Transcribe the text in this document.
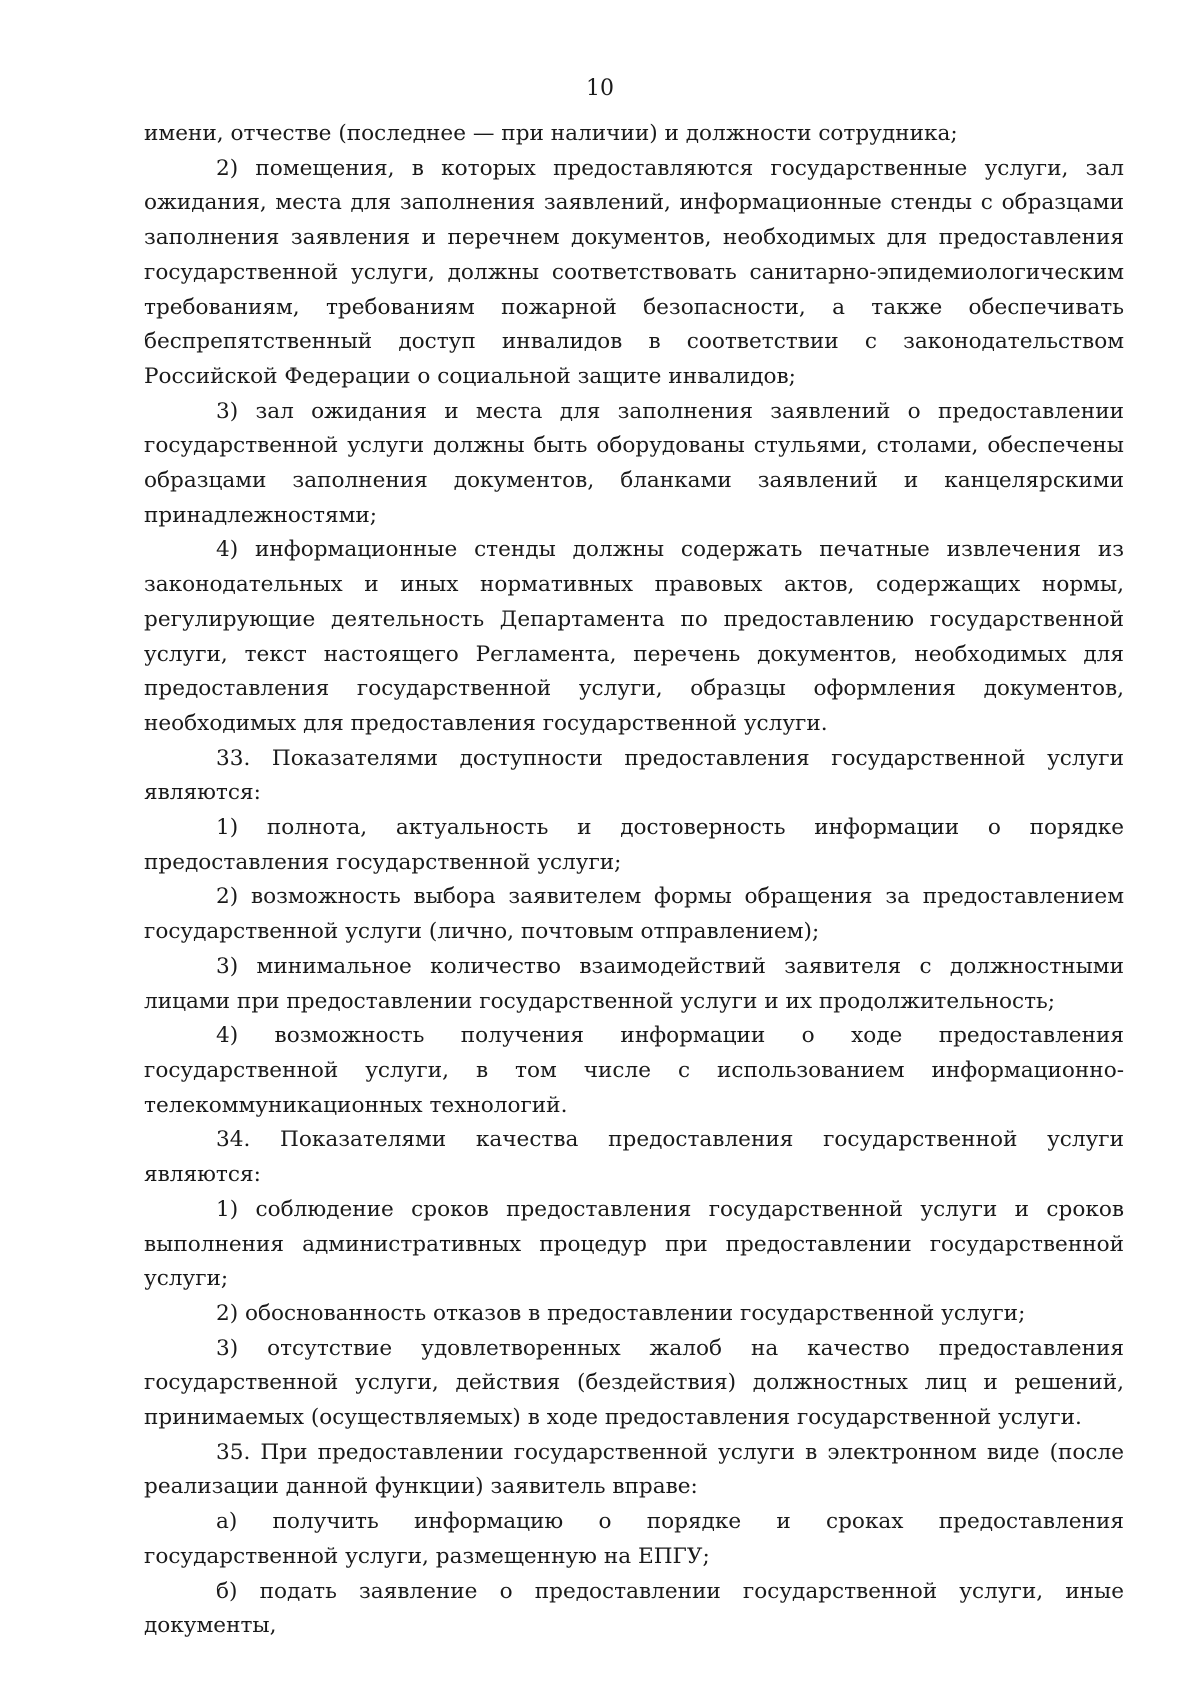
10

имени, отчестве (последнее — при наличии) и должности сотрудника;

2) помещения, в которых предоставляются государственные услуги, зал ожидания, места для заполнения заявлений, информационные стенды с образцами заполнения заявления и перечнем документов, необходимых для предоставления государственной услуги, должны соответствовать санитарно-эпидемиологическим требованиям, требованиям пожарной безопасности, а также обеспечивать беспрепятственный доступ инвалидов в соответствии с законодательством Российской Федерации о социальной защите инвалидов;

3) зал ожидания и места для заполнения заявлений о предоставлении государственной услуги должны быть оборудованы стульями, столами, обеспечены образцами заполнения документов, бланками заявлений и канцелярскими принадлежностями;

4) информационные стенды должны содержать печатные извлечения из законодательных и иных нормативных правовых актов, содержащих нормы, регулирующие деятельность Департамента по предоставлению государственной услуги, текст настоящего Регламента, перечень документов, необходимых для предоставления государственной услуги, образцы оформления документов, необходимых для предоставления государственной услуги.

33. Показателями доступности предоставления государственной услуги являются:

1) полнота, актуальность и достоверность информации о порядке предоставления государственной услуги;

2) возможность выбора заявителем формы обращения за предоставлением государственной услуги (лично, почтовым отправлением);

3) минимальное количество взаимодействий заявителя с должностными лицами при предоставлении государственной услуги и их продолжительность;

4) возможность получения информации о ходе предоставления государственной услуги, в том числе с использованием информационно-телекоммуникационных технологий.

34. Показателями качества предоставления государственной услуги являются:

1) соблюдение сроков предоставления государственной услуги и сроков выполнения административных процедур при предоставлении государственной услуги;

2) обоснованность отказов в предоставлении государственной услуги;

3) отсутствие удовлетворенных жалоб на качество предоставления государственной услуги, действия (бездействия) должностных лиц и решений, принимаемых (осуществляемых) в ходе предоставления государственной услуги.

35. При предоставлении государственной услуги в электронном виде (после реализации данной функции) заявитель вправе:

а) получить информацию о порядке и сроках предоставления государственной услуги, размещенную на ЕПГУ;

б) подать заявление о предоставлении государственной услуги, иные документы,
